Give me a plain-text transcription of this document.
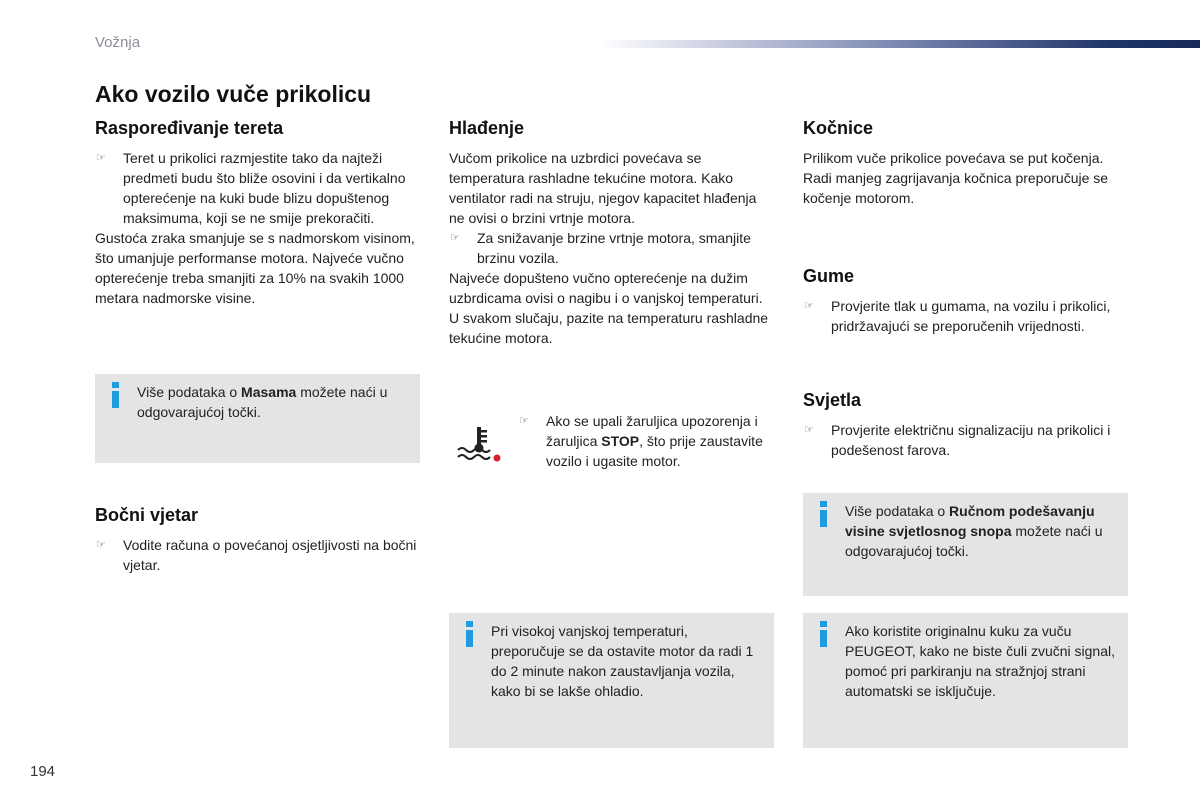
Vožnja
Ako vozilo vuče prikolicu
Raspoređivanje tereta
☞ Teret u prikolici razmjestite tako da najteži predmeti budu što bliže osovini i da vertikalno opterećenje na kuki bude blizu dopuštenog maksimuma, koji se ne smije prekoračiti.

Gustoća zraka smanjuje se s nadmorskom visinom, što umanjuje performanse motora. Najveće vučno opterećenje treba smanjiti za 10% na svakih 1000 metara nadmorske visine.

Više podataka o Masama možete naći u odgovarajućoj točki.
Bočni vjetar
☞ Vodite računa o povećanoj osjetljivosti na bočni vjetar.
Hlađenje

Vučom prikolice na uzbrdici povećava se temperatura rashladne tekućine motora. Kako ventilator radi na struju, njegov kapacitet hlađenja ne ovisi o brzini vrtnje motora.

☞ Za snižavanje brzine vrtnje motora, smanjite brzinu vozila.

Najveće dopušteno vučno opterećenje na dužim uzbrdicama ovisi o nagibu i o vanjskoj temperaturi. U svakom slučaju, pazite na temperaturu rashladne tekućine motora.

☞ Ako se upali žaruljica upozorenja i žaruljica STOP, što prije zaustavite vozilo i ugasite motor.
Pri visokoj vanjskoj temperaturi, preporučuje se da ostavite motor da radi 1 do 2 minute nakon zaustavljanja vozila, kako bi se lakše ohladio.
Kočnice

Prilikom vuče prikolice povećava se put kočenja. Radi manjeg zagrijavanja kočnica preporučuje se kočenje motorom.

Gume
☞ Provjerite tlak u gumama, na vozilu i prikolici, pridržavajući se preporučenih vrijednosti.
Svjetla
☞ Provjerite električnu signalizaciju na prikolici i podešenost farova.
Više podataka o Ručnom podešavanju visine svjetlosnog snopa možete naći u odgovarajućoj točki.
Ako koristite originalnu kuku za vuču PEUGEOT, kako ne biste čuli zvučni signal, pomoć pri parkiranju na stražnjoj strani automatski se isključuje.
194
